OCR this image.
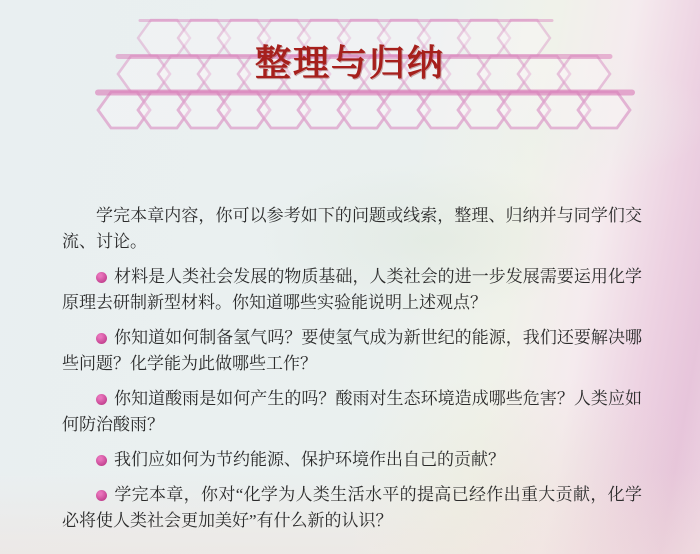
整理与归纳

学完本章内容，你可以参考如下的问题或线索，整理、归纳并与同学们交流、讨论。

材料是人类社会发展的物质基础，人类社会的进一步发展需要运用化学原理去研制新型材料。你知道哪些实验能说明上述观点？

你知道如何制备氢气吗？要使氢气成为新世纪的能源，我们还要解决哪些问题？化学能为此做哪些工作？

你知道酸雨是如何产生的吗？酸雨对生态环境造成哪些危害？人类应如何防治酸雨？

我们应如何为节约能源、保护环境作出自己的贡献？

学完本章，你对“化学为人类生活水平的提高已经作出重大贡献，化学必将使人类社会更加美好”有什么新的认识？
